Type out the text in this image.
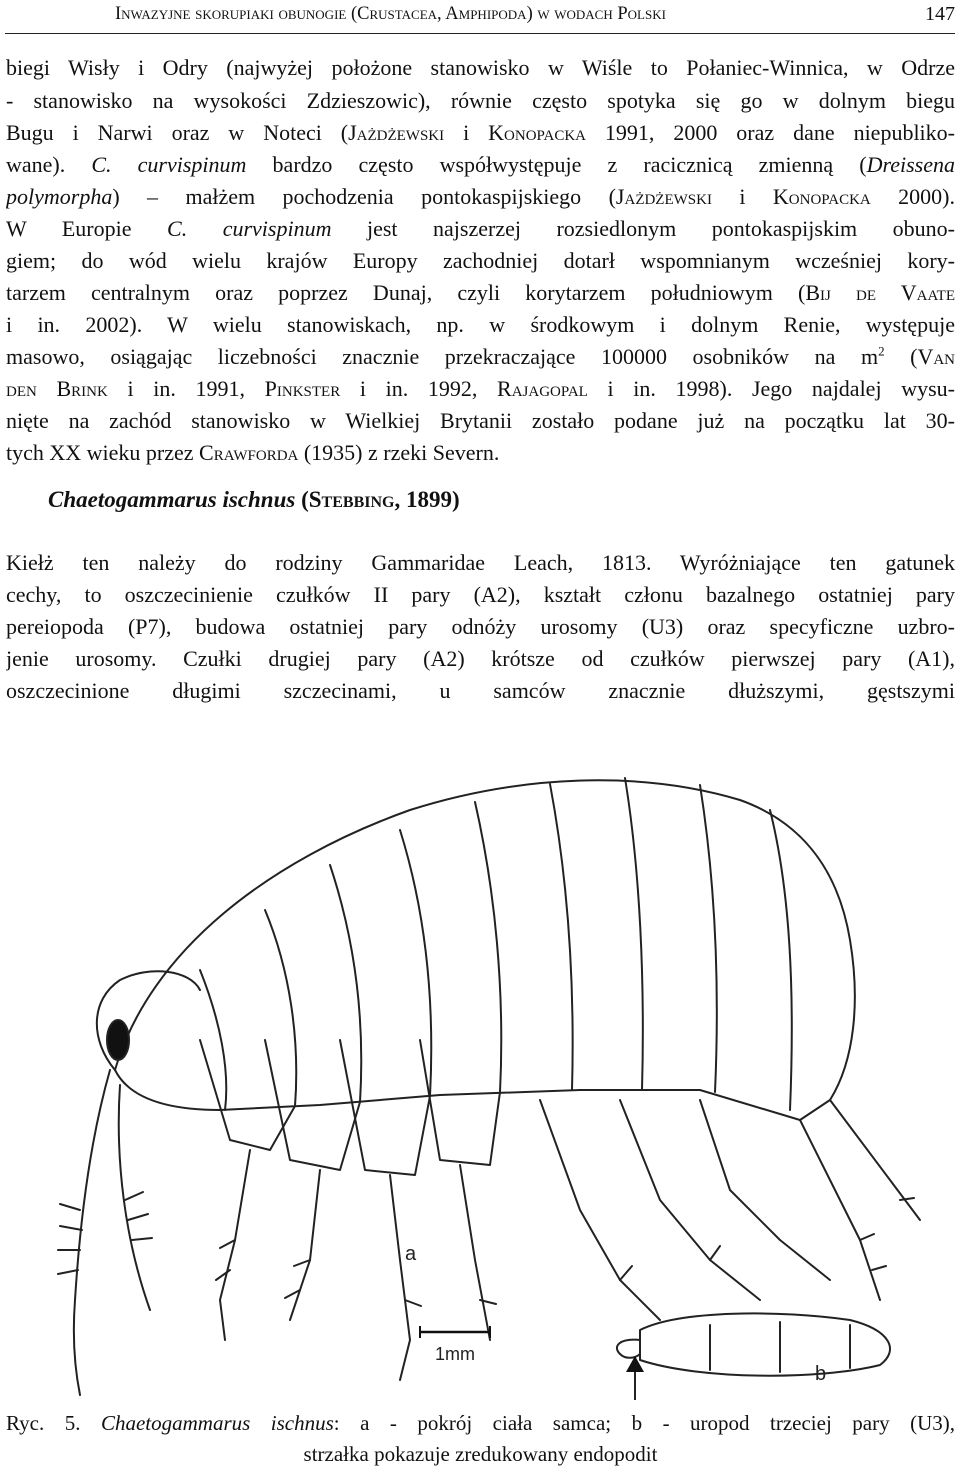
Inwazyjne skorupiaki obunogie (Crustacea, Amphipoda) w wodach Polski	147
biegi Wisły i Odry (najwyżej położone stanowisko w Wiśle to Połaniec-Winnica, w Odrze
- stanowisko na wysokości Zdzieszowic), równie często spotyka się go w dolnym biegu
Bugu i Narwi oraz w Noteci (Jażdżewski i Konopacka 1991, 2000 oraz dane niepubliko-
wane). C. curvispinum bardzo często współwystępuje z racicznicą zmienną (Dreissena
polymorpha) – małżem pochodzenia pontokaspijskiego (Jażdżewski i Konopacka 2000).
W Europie C. curvispinum jest najszerzej rozsiedlonym pontokaspijskim obuno-
giem; do wód wielu krajów Europy zachodniej dotarł wspomnianym wcześniej kory-
tarzem centralnym oraz poprzez Dunaj, czyli korytarzem południowym (Bij de Vaate
i in. 2002). W wielu stanowiskach, np. w środkowym i dolnym Renie, występuje
masowo, osiągając liczebności znacznie przekraczające 100000 osobników na $m^2$ (Van
den Brink i in. 1991, Pinkster i in. 1992, Rajagopal i in. 1998). Jego najdalej wysu-
nięte na zachód stanowisko w Wielkiej Brytanii zostało podane już na początku lat 30-
tych XX wieku przez Crawforda (1935) z rzeki Severn.
Chaetogammarus ischnus (Stebbing, 1899)
Kiełż ten należy do rodziny Gammaridae Leach, 1813. Wyróżniające ten gatunek
cechy, to oszczecinienie czułków II pary (A2), kształt członu bazalnego ostatniej pary
pereiopoda (P7), budowa ostatniej pary odnóży urosomy (U3) oraz specyficzne uzbro-
jenie urosomy. Czułki drugiej pary (A2) krótsze od czułków pierwszej pary (A1),
oszczecinione długimi szczecinami, u samców znacznie dłuższymi, gęstszymi
1mm
a
b
Ryc. 5. Chaetogammarus ischnus: a - pokrój ciała samca; b - uropod trzeciej pary (U3),
strzałka pokazuje zredukowany endopodit
